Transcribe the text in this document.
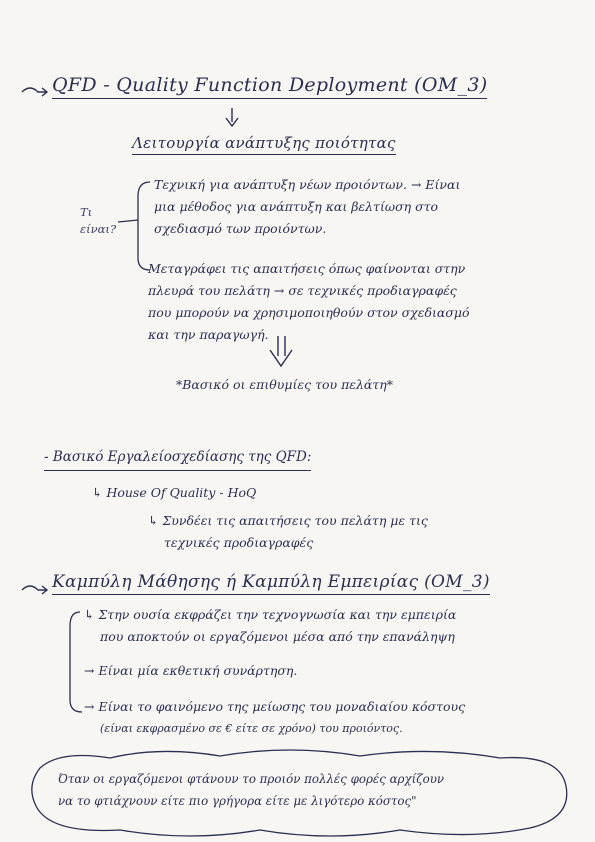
QFD - Quality Function Deployment (OM_3)
Λειτουργία ανάπτυξης ποιότητας
Τι
είναι?
Τεχνική για ανάπτυξη νέων προιόντων. → Είναι
μια μέθοδος για ανάπτυξη και βελτίωση στο
σχεδιασμό των προιόντων.
Μεταγράφει τις απαιτήσεις όπως φαίνονται στην
πλευρά του πελάτη → σε τεχνικές προδιαγραφές
που μπορούν να χρησιμοποιηθούν στον σχεδιασμό
και την παραγωγή.
*Βασικό οι επιθυμίες του πελάτη*
- Βασικό Εργαλείοσχεδίασης της QFD:
↳ House Of Quality - HoQ
↳ Συνδέει τις απαιτήσεις του πελάτη με τις
τεχνικές προδιαγραφές
Καμπύλη Μάθησης ή Καμπύλη Εμπειρίας (OM_3)
↳ Στην ουσία εκφράζει την τεχνογνωσία και την εμπειρία
που αποκτούν οι εργαζόμενοι μέσα από την επανάληψη
→ Είναι μία εκθετική συνάρτηση.
→ Είναι το φαινόμενο της μείωσης του μοναδιαίου κόστους
(είναι εκφρασμένο σε € είτε σε χρόνο) του προιόντος.
Όταν οι εργαζόμενοι φτάνουν το προιόν πολλές φορές αρχίζουν
να το φτιάχνουν είτε πιο γρήγορα είτε με λιγότερο κόστος"
